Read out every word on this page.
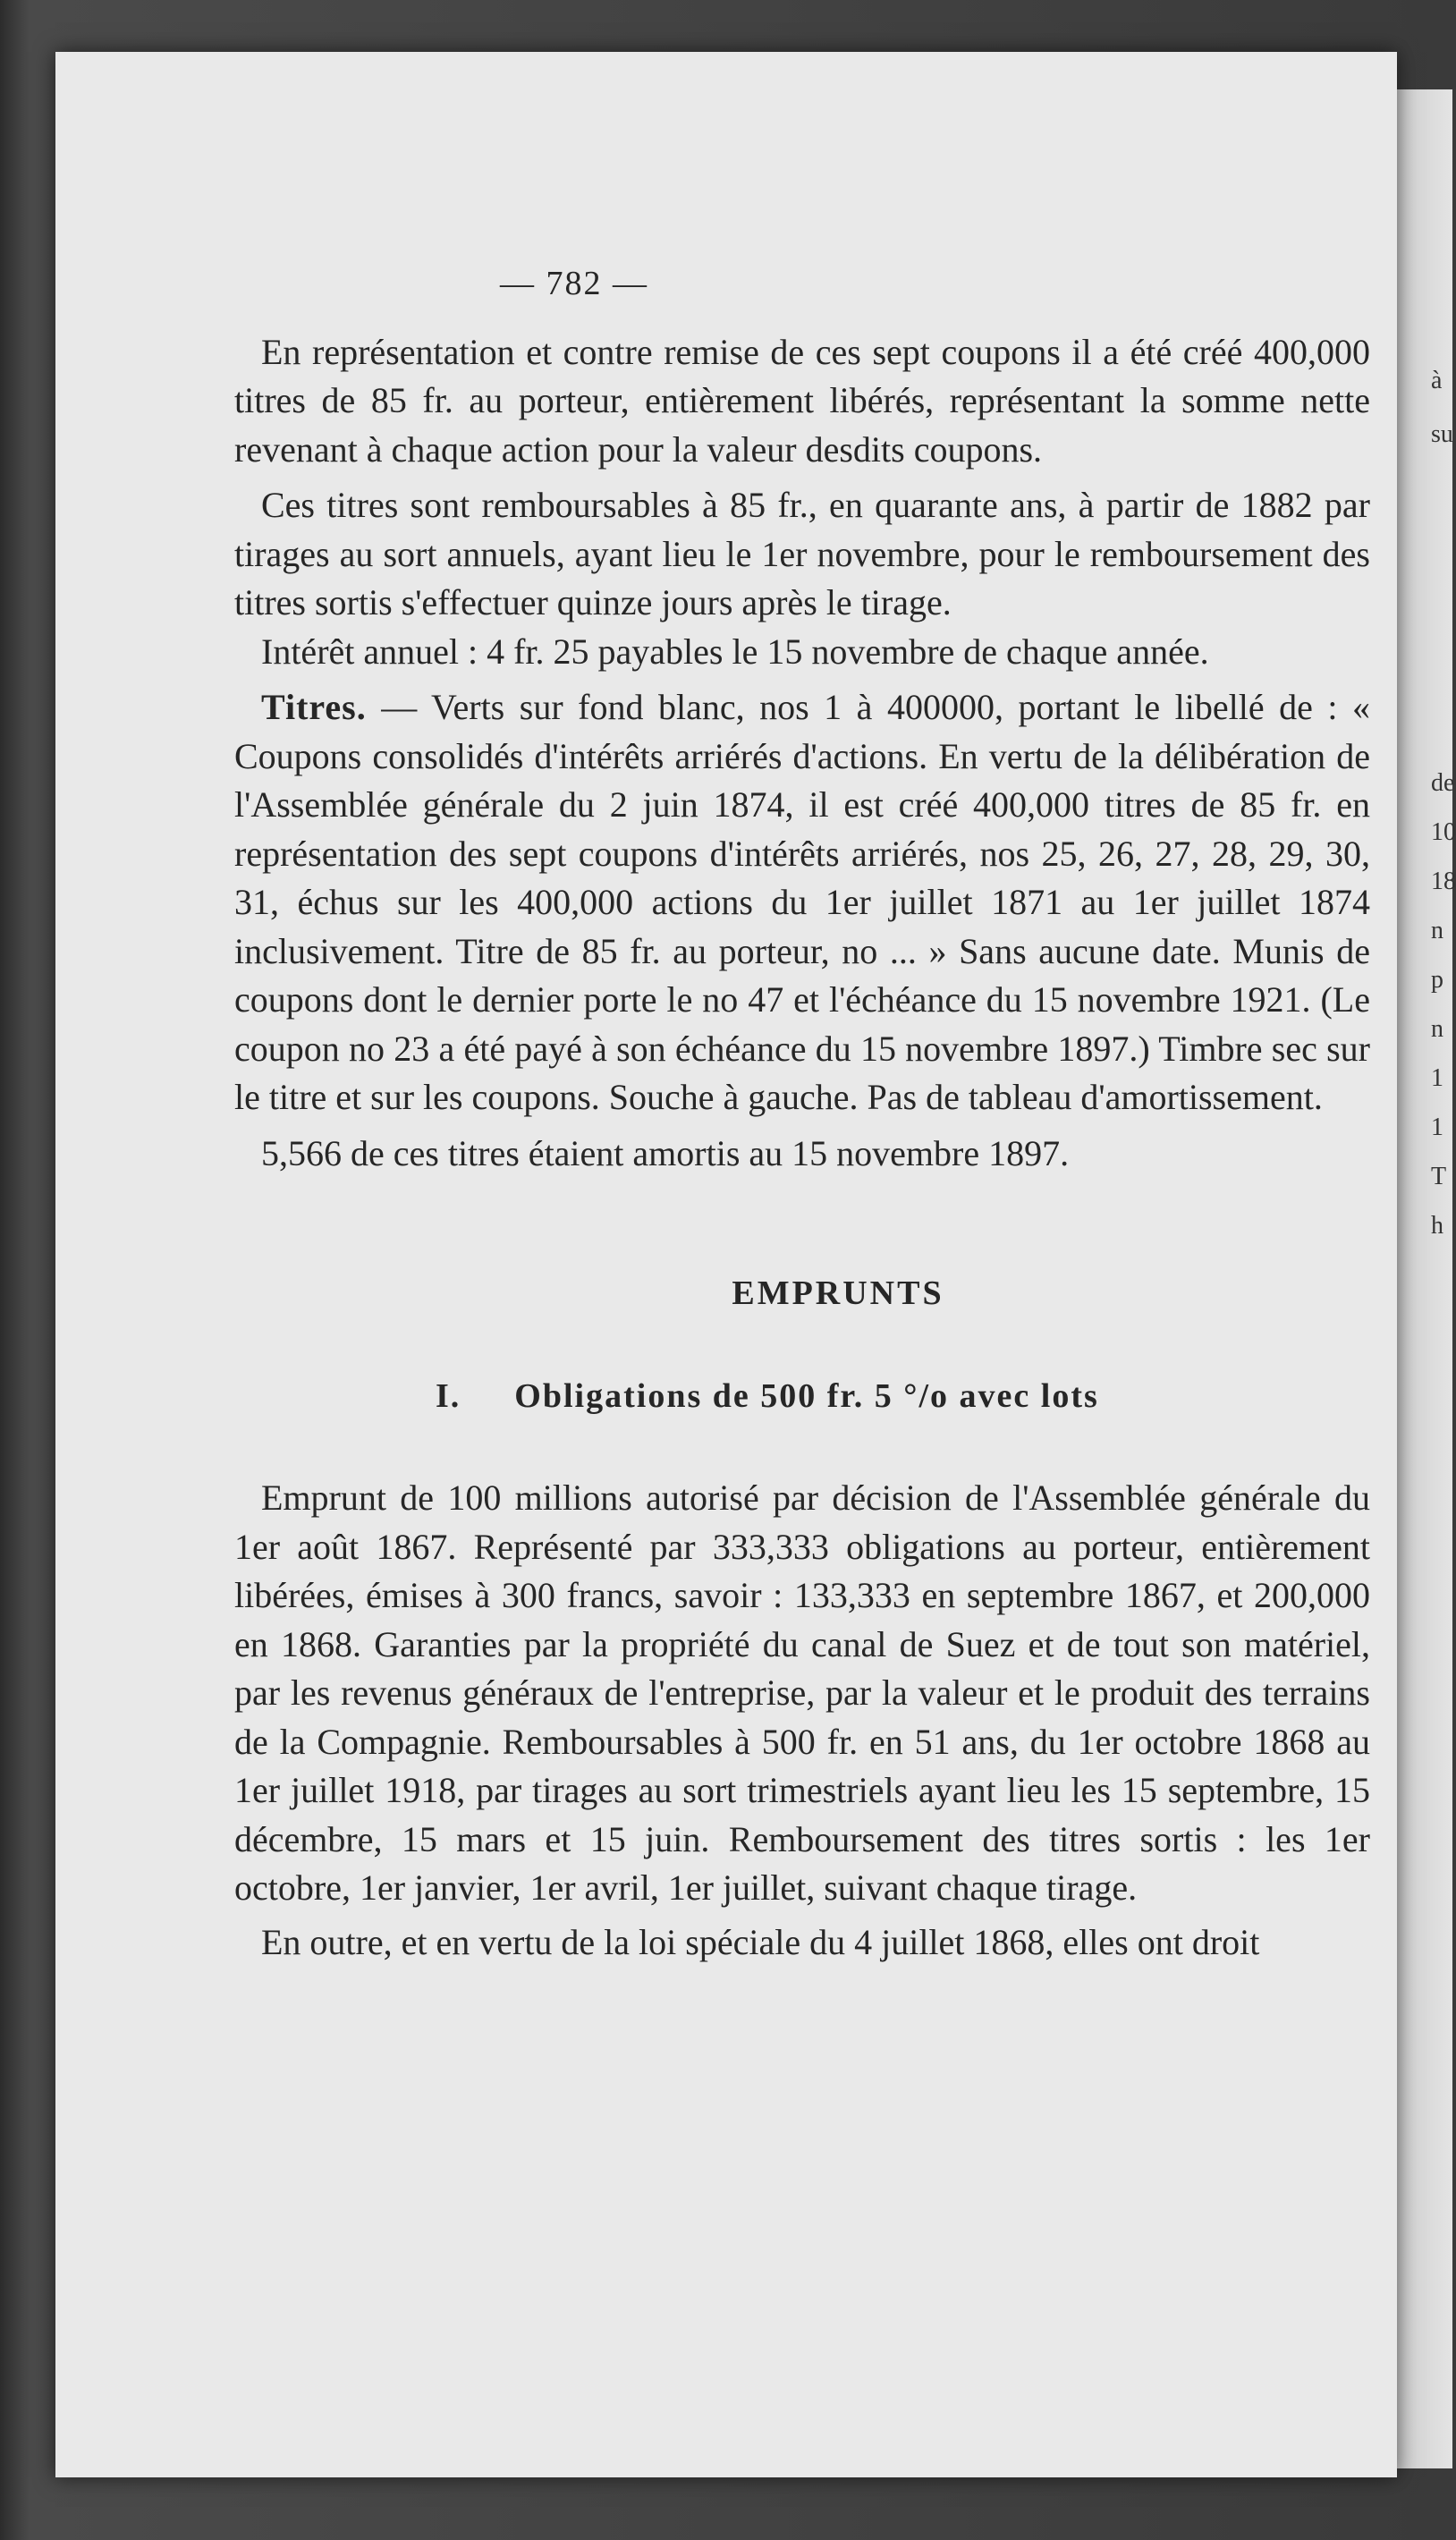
à
su
de
10
18
n
p
n
1
1
T
h
— 782 —

En représentation et contre remise de ces sept coupons il a été créé 400,000 titres de 85 fr. au porteur, entièrement libérés, représentant la somme nette revenant à chaque action pour la valeur desdits coupons.

Ces titres sont remboursables à 85 fr., en quarante ans, à partir de 1882 par tirages au sort annuels, ayant lieu le 1er novembre, pour le remboursement des titres sortis s'effectuer quinze jours après le tirage.

Intérêt annuel : 4 fr. 25 payables le 15 novembre de chaque année.

Titres. — Verts sur fond blanc, nos 1 à 400000, portant le libellé de : « Coupons consolidés d'intérêts arriérés d'actions. En vertu de la délibération de l'Assemblée générale du 2 juin 1874, il est créé 400,000 titres de 85 fr. en représentation des sept coupons d'intérêts arriérés, nos 25, 26, 27, 28, 29, 30, 31, échus sur les 400,000 actions du 1er juillet 1871 au 1er juillet 1874 inclusivement. Titre de 85 fr. au porteur, no ... » Sans aucune date. Munis de coupons dont le dernier porte le no 47 et l'échéance du 15 novembre 1921. (Le coupon no 23 a été payé à son échéance du 15 novembre 1897.) Timbre sec sur le titre et sur les coupons. Souche à gauche. Pas de tableau d'amortissement.

5,566 de ces titres étaient amortis au 15 novembre 1897.

EMPRUNTS
I. Obligations de 500 fr. 5 °/o avec lots

Emprunt de 100 millions autorisé par décision de l'Assemblée générale du 1er août 1867. Représenté par 333,333 obligations au porteur, entièrement libérées, émises à 300 francs, savoir : 133,333 en septembre 1867, et 200,000 en 1868. Garanties par la propriété du canal de Suez et de tout son matériel, par les revenus généraux de l'entreprise, par la valeur et le produit des terrains de la Compagnie. Remboursables à 500 fr. en 51 ans, du 1er octobre 1868 au 1er juillet 1918, par tirages au sort trimestriels ayant lieu les 15 septembre, 15 décembre, 15 mars et 15 juin. Remboursement des titres sortis : les 1er octobre, 1er janvier, 1er avril, 1er juillet, suivant chaque tirage.

En outre, et en vertu de la loi spéciale du 4 juillet 1868, elles ont droit
